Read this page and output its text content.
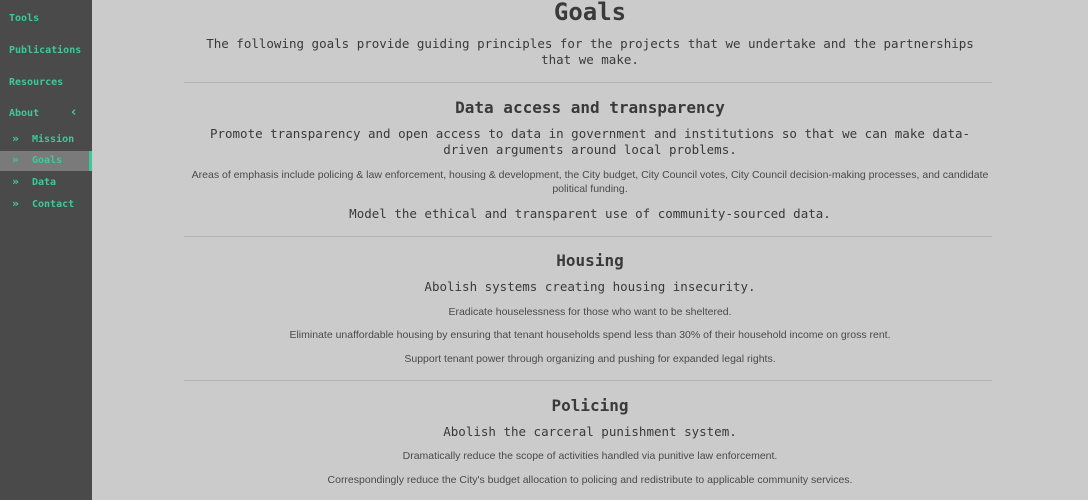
Tools
Publications
Resources
About ‹
» Mission
» Goals
» Data
» Contact
Goals
The following goals provide guiding principles for the projects that we undertake and the partnerships that we make.
Data access and transparency
Promote transparency and open access to data in government and institutions so that we can make data-driven arguments around local problems.
Areas of emphasis include policing & law enforcement, housing & development, the City budget, City Council votes, City Council decision-making processes, and candidate political funding.
Model the ethical and transparent use of community-sourced data.
Housing
Abolish systems creating housing insecurity.
Eradicate houselessness for those who want to be sheltered.
Eliminate unaffordable housing by ensuring that tenant households spend less than 30% of their household income on gross rent.
Support tenant power through organizing and pushing for expanded legal rights.
Policing
Abolish the carceral punishment system.
Dramatically reduce the scope of activities handled via punitive law enforcement.
Correspondingly reduce the City's budget allocation to policing and redistribute to applicable community services.
